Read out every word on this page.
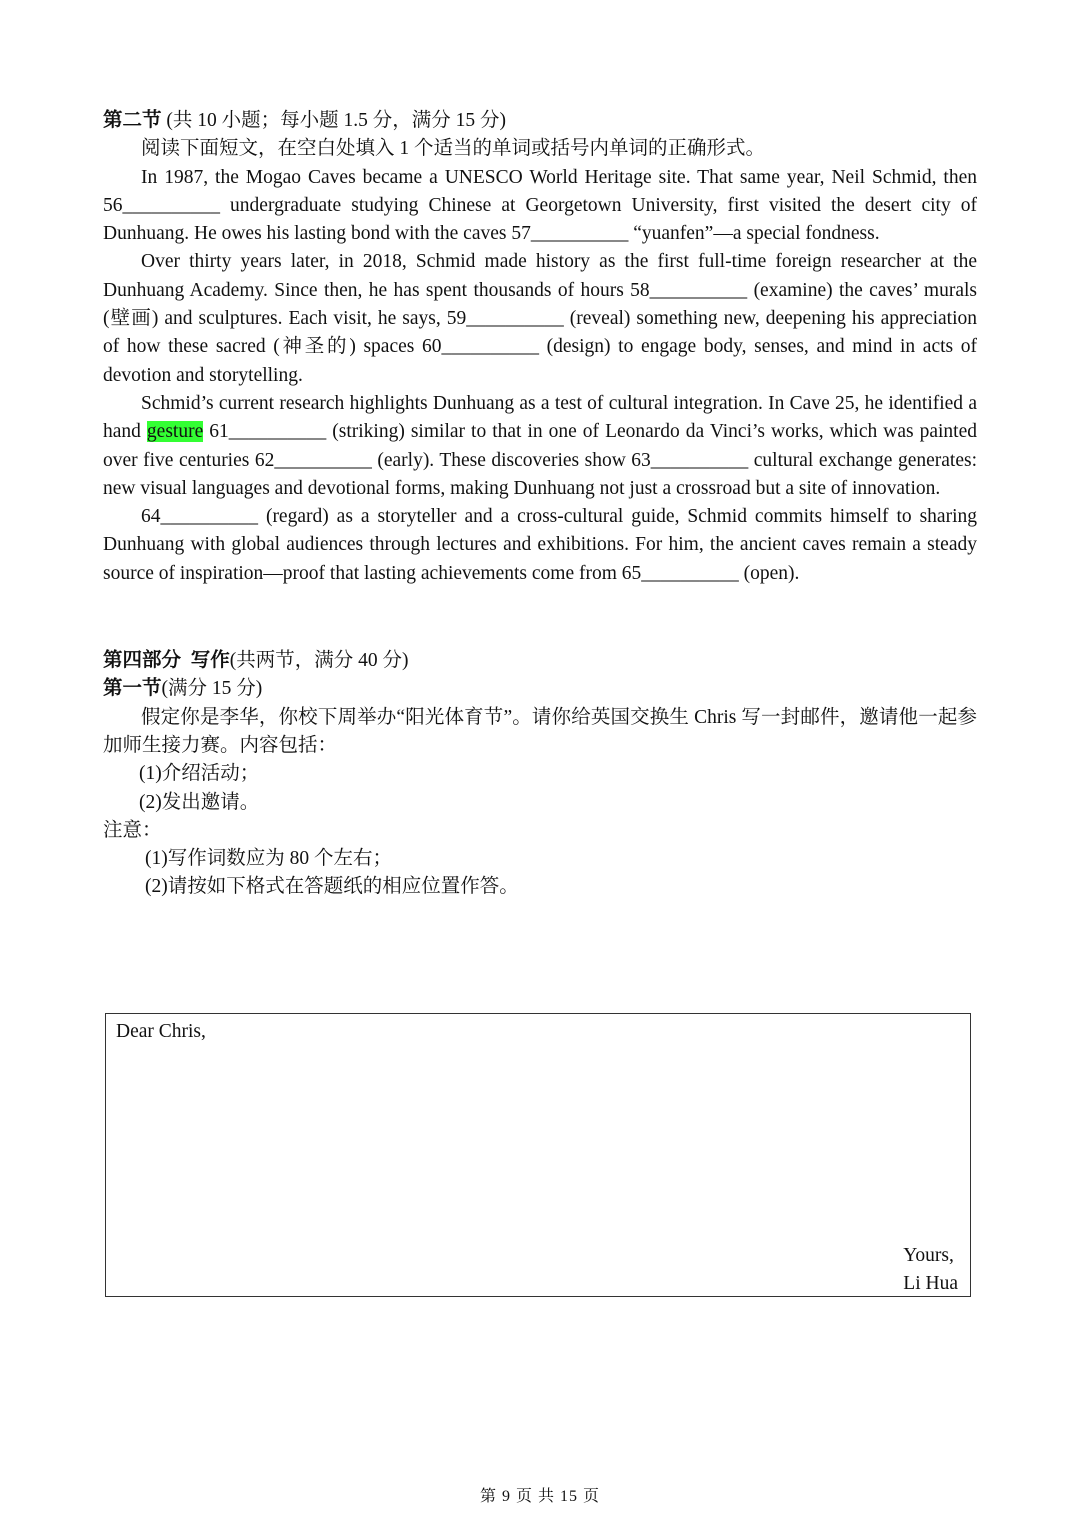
第二节 (共 10 小题；每小题 1.5 分，满分 15 分)
阅读下面短文，在空白处填入 1 个适当的单词或括号内单词的正确形式。
In 1987, the Mogao Caves became a UNESCO World Heritage site. That same year, Neil Schmid, then 56__________ undergraduate studying Chinese at Georgetown University, first visited the desert city of Dunhuang. He owes his lasting bond with the caves 57__________ “yuanfen”—a special fondness.
Over thirty years later, in 2018, Schmid made history as the first full-time foreign researcher at the Dunhuang Academy. Since then, he has spent thousands of hours 58__________ (examine) the caves’ murals (壁画) and sculptures. Each visit, he says, 59__________ (reveal) something new, deepening his appreciation of how these sacred (神圣的) spaces 60__________ (design) to engage body, senses, and mind in acts of devotion and storytelling.
Schmid’s current research highlights Dunhuang as a test of cultural integration. In Cave 25, he identified a hand gesture 61__________ (striking) similar to that in one of Leonardo da Vinci’s works, which was painted over five centuries 62__________ (early). These discoveries show 63__________ cultural exchange generates: new visual languages and devotional forms, making Dunhuang not just a crossroad but a site of innovation.
64__________ (regard) as a storyteller and a cross-cultural guide, Schmid commits himself to sharing Dunhuang with global audiences through lectures and exhibitions. For him, the ancient caves remain a steady source of inspiration—proof that lasting achievements come from 65__________ (open).
第四部分 写作(共两节，满分 40 分)
第一节(满分 15 分)
假定你是李华，你校下周举办“阳光体育节”。请你给英国交换生 Chris 写一封邮件，邀请他一起参加师生接力赛。内容包括：
(1)介绍活动；
(2)发出邀请。
注意：
(1)写作词数应为 80 个左右；
(2)请按如下格式在答题纸的相应位置作答。
Dear Chris,
Yours,
Li Hua
第 9 页 共 15 页
